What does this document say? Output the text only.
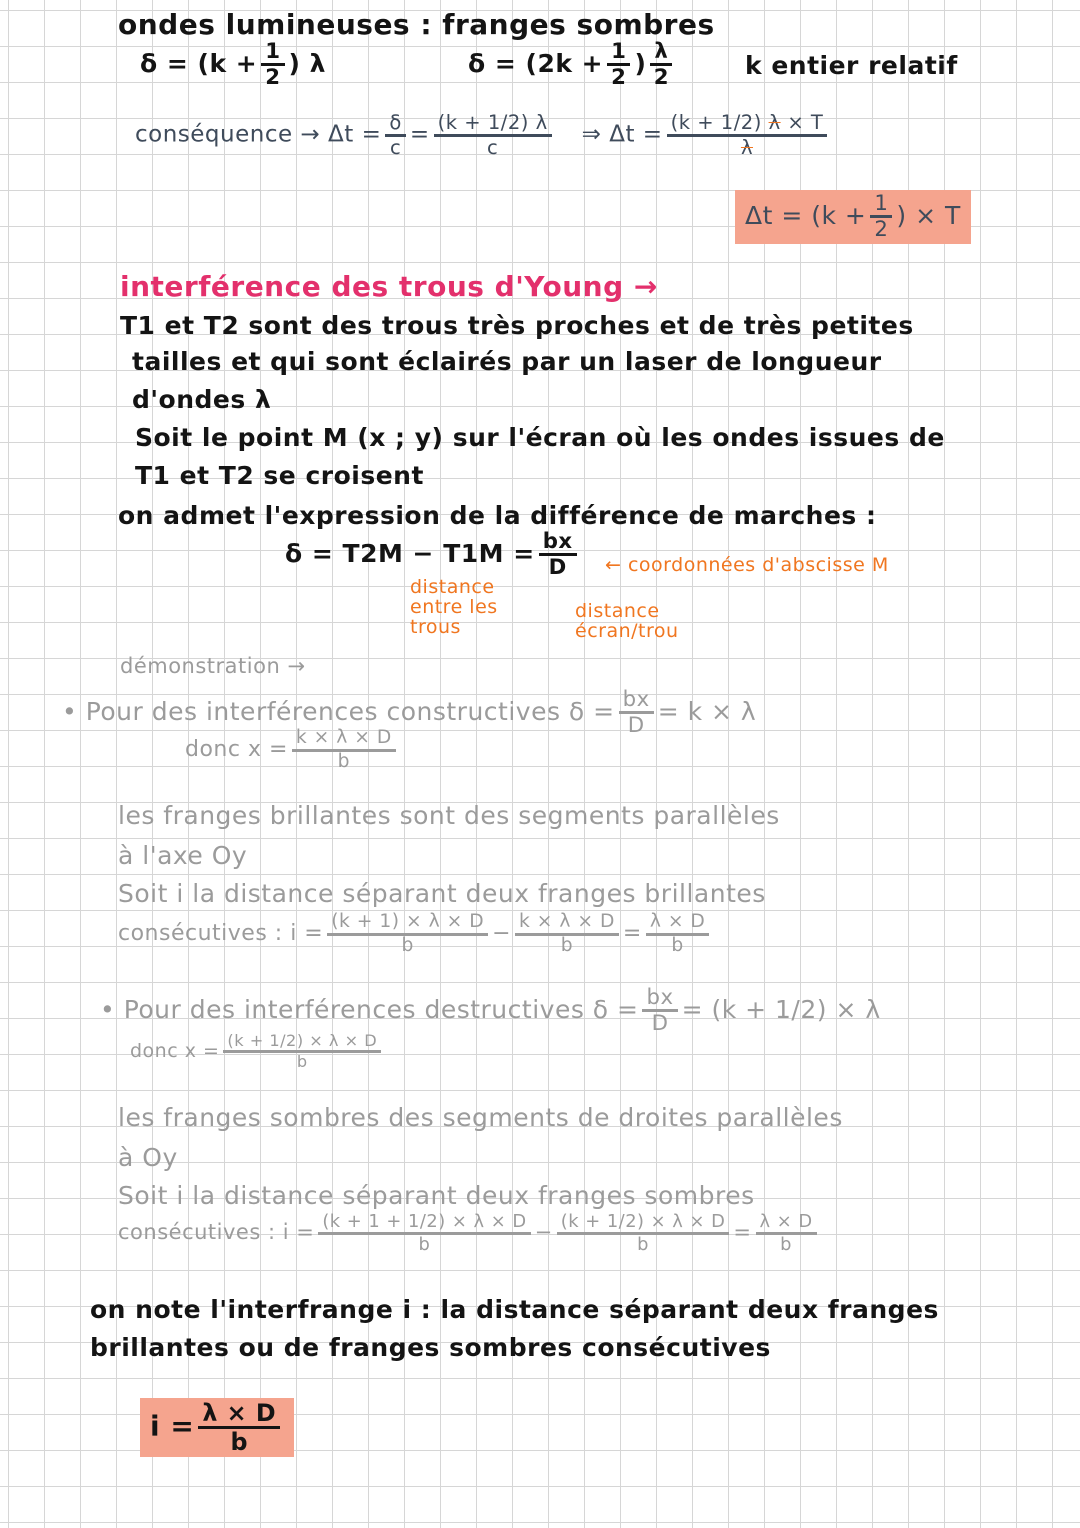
ondes lumineuses : franges sombres
$\delta = (k + \frac{1}{2}$ ) λ	$\delta = (2k + \frac{1}{2}$ ) $\frac{\lambda}{2}$	k entier relatif
conséquence → $\Delta t = \frac{\delta}{c} = \frac{(k + 1/2) \lambda}{c}$ ⇒ $\Delta t = \frac{(k + 1/2) \lambda \times T}{\lambda}$
$\Delta t = (k + \frac{1}{2}$ ) × T
interférence des trous d'Young →
T1 et T2 sont des trous très proches et de très petites
tailles et qui sont éclairés par un laser de longueur
d'ondes λ
Soit le point M (x ; y) sur l'écran où les ondes issues de
T1 et T2 se croisent
on admet l'expression de la différence de marches :
$\delta = T2M - T1M = \frac{bx}{D}$ ← coordonnées d'abscisse M
distance
entre les
trous
distance
écran/trou
démonstration →
• Pour des interférences constructives $\delta = \frac{bx}{D} = k \times \lambda$
donc $x = \frac{k \times \lambda \times D}{b}$
les franges brillantes sont des segments parallèles
à l'axe Oy
Soit i la distance séparant deux franges brillantes
consécutives : $i = \frac{(k + 1) \times \lambda \times D}{b} - \frac{k \times \lambda \times D}{b} = \frac{\lambda \times D}{b}$
• Pour des interférences destructives $\delta = \frac{bx}{D} = (k + 1/2) \times \lambda$
donc $x = \frac{(k + 1/2) \times \lambda \times D}{b}$
les franges sombres des segments de droites parallèles
à Oy
Soit i la distance séparant deux franges sombres
consécutives : $i = \frac{(k + 1 + 1/2) \times \lambda \times D}{b} - \frac{(k + 1/2) \times \lambda \times D}{b} = \frac{\lambda \times D}{b}$
on note l'interfrange i : la distance séparant deux franges
brillantes ou de franges sombres consécutives
$i = \frac{\lambda \times D}{b}$
